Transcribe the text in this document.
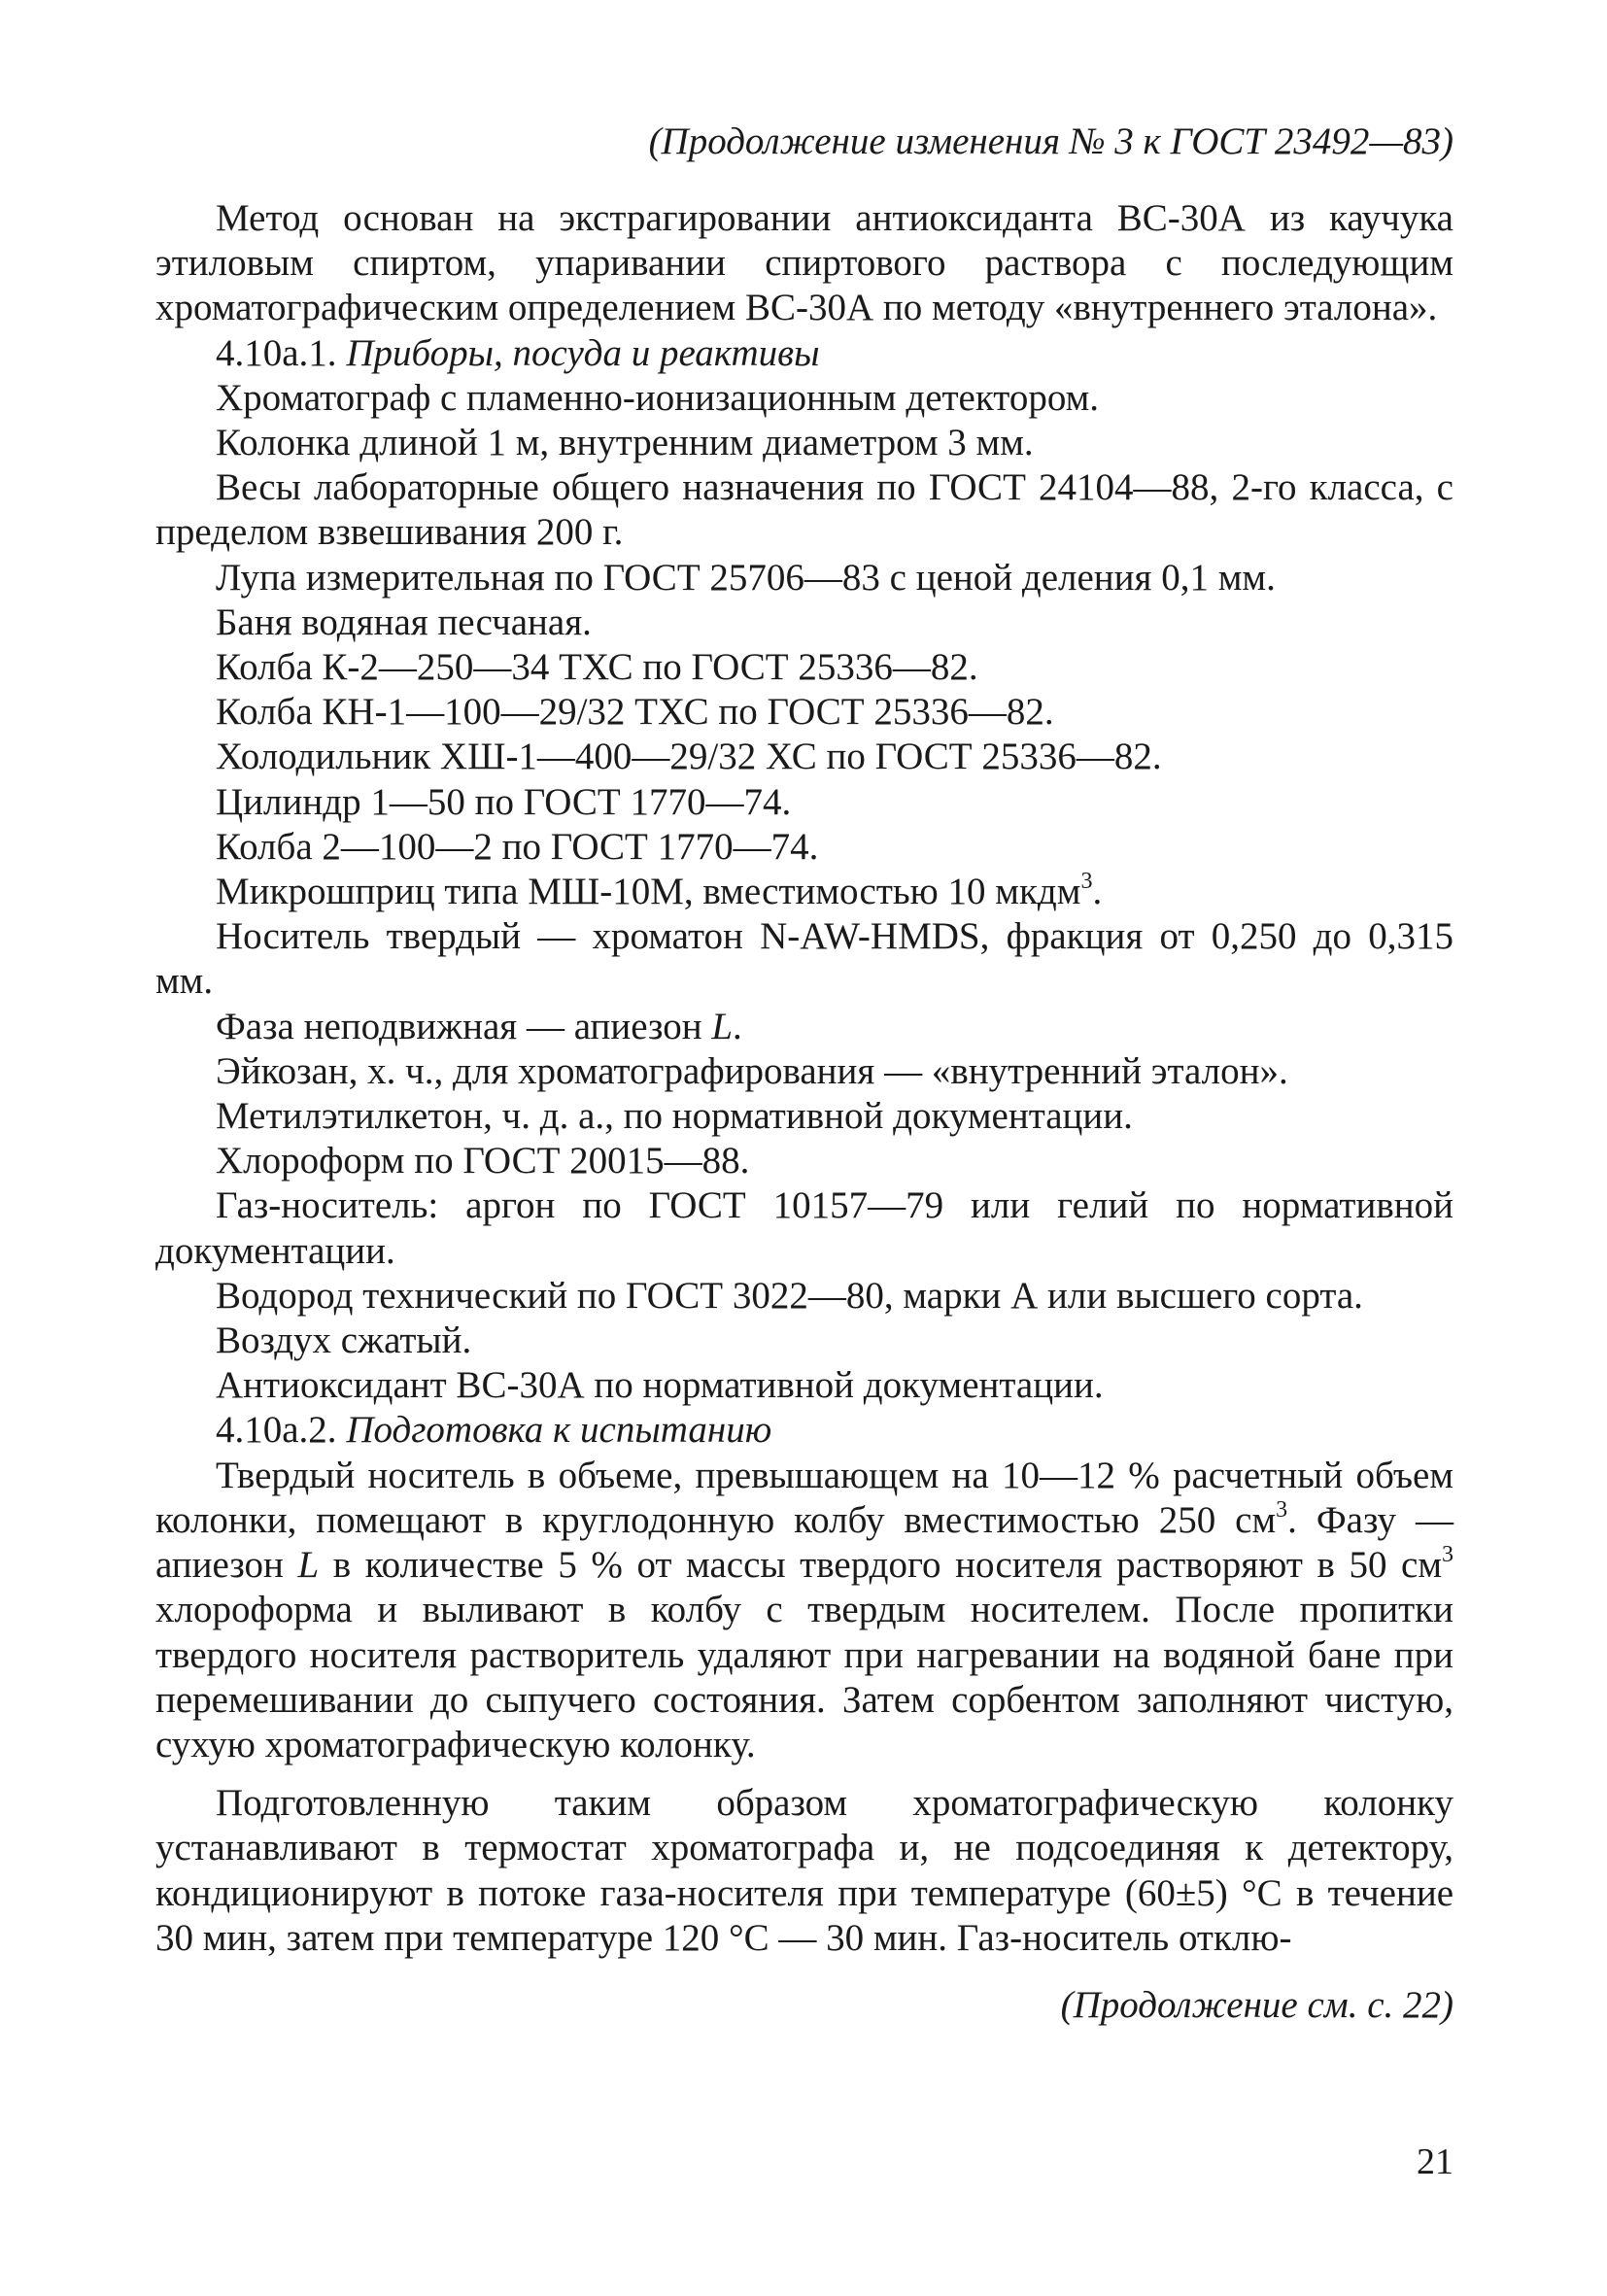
(Продолжение изменения № 3 к ГОСТ 23492—83)

Метод основан на экстрагировании антиоксиданта ВС-30А из каучука этиловым спиртом, упаривании спиртового раствора с последующим хроматографическим определением ВС-30А по методу «внутреннего эталона».

4.10а.1. Приборы, посуда и реактивы

Хроматограф с пламенно-ионизационным детектором.

Колонка длиной 1 м, внутренним диаметром 3 мм.

Весы лабораторные общего назначения по ГОСТ 24104—88, 2-го класса, с пределом взвешивания 200 г.

Лупа измерительная по ГОСТ 25706—83 с ценой деления 0,1 мм.

Баня водяная песчаная.

Колба К-2—250—34 ТХС по ГОСТ 25336—82.

Колба КН-1—100—29/32 ТХС по ГОСТ 25336—82.

Холодильник ХШ-1—400—29/32 ХС по ГОСТ 25336—82.

Цилиндр 1—50 по ГОСТ 1770—74.

Колба 2—100—2 по ГОСТ 1770—74.

Микрошприц типа МШ-10М, вместимостью 10 мкдм$^3$.

Носитель твердый — хроматон N-AW-HMDS, фракция от 0,250 до 0,315 мм.

Фаза неподвижная — апиезон L.

Эйкозан, х. ч., для хроматографирования — «внутренний эталон».

Метилэтилкетон, ч. д. а., по нормативной документации.

Хлороформ по ГОСТ 20015—88.

Газ-носитель: аргон по ГОСТ 10157—79 или гелий по нормативной документации.

Водород технический по ГОСТ 3022—80, марки А или высшего сорта.

Воздух сжатый.

Антиоксидант ВС-30А по нормативной документации.

4.10а.2. Подготовка к испытанию

Твердый носитель в объеме, превышающем на 10—12 % расчетный объем колонки, помещают в круглодонную колбу вместимостью 250 $см^3$. Фазу — апиезон L в количестве 5 % от массы твердого носителя растворяют в 50 $см^3$ хлороформа и выливают в колбу с твердым носителем. После пропитки твердого носителя растворитель удаляют при нагревании на водяной бане при перемешивании до сыпучего состояния. Затем сорбентом заполняют чистую, сухую хроматографическую колонку.

Подготовленную таким образом хроматографическую колонку устанавливают в термостат хроматографа и, не подсоединяя к детектору, кондиционируют в потоке газа-носителя при температуре (60±5) °С в течение 30 мин, затем при температуре 120 °С — 30 мин. Газ-носитель отклю-

(Продолжение см. с. 22)
21
